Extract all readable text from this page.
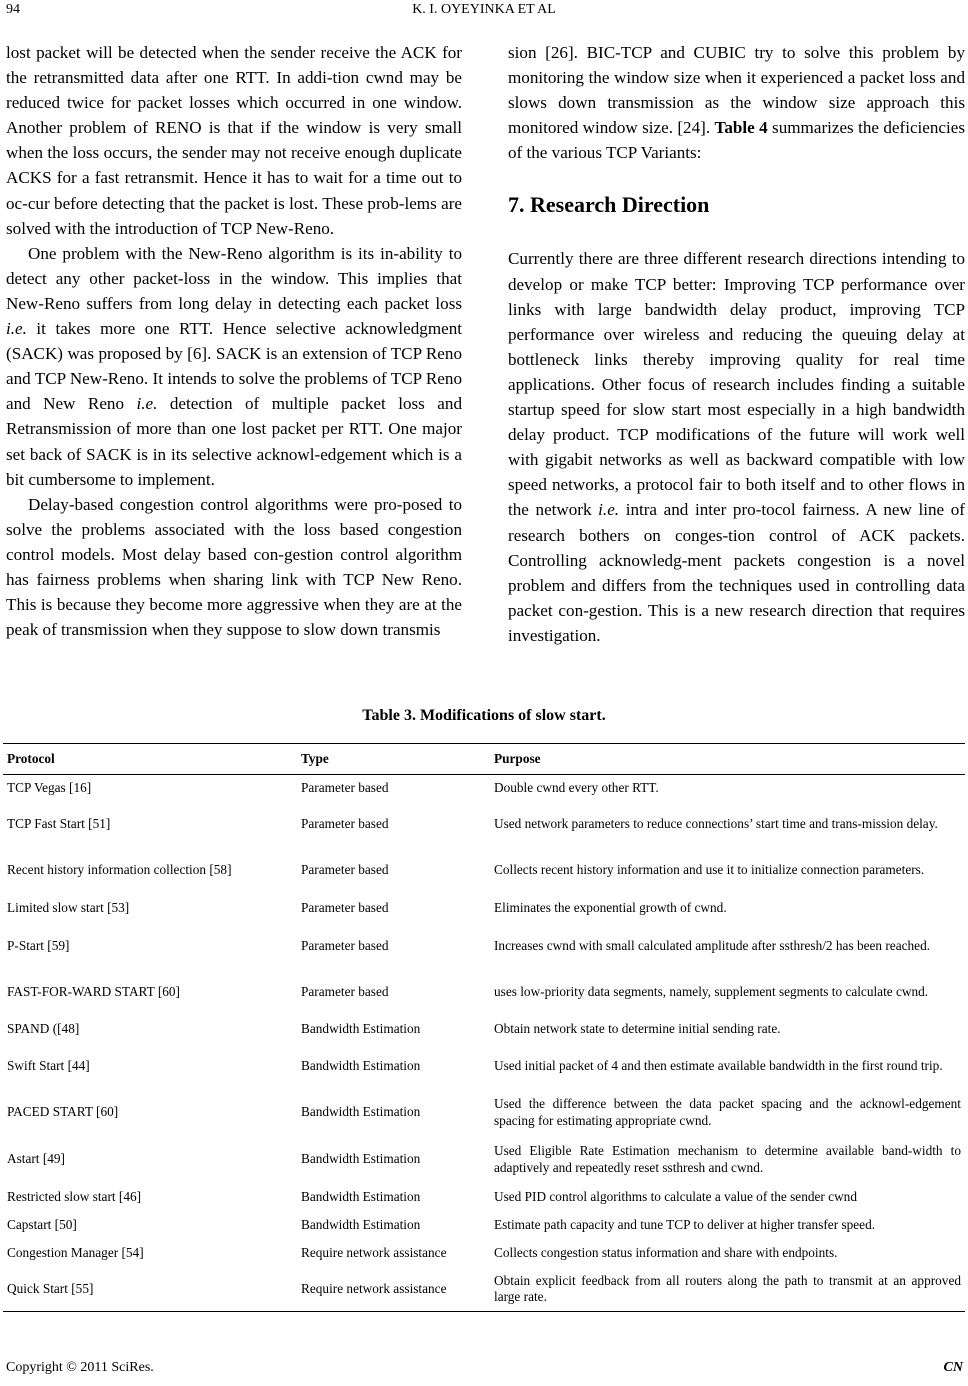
94	K. I. OYEYINKA ET AL

lost packet will be detected when the sender receive the ACK for the retransmitted data after one RTT. In addi-tion cwnd may be reduced twice for packet losses which occurred in one window. Another problem of RENO is that if the window is very small when the loss occurs, the sender may not receive enough duplicate ACKS for a fast retransmit. Hence it has to wait for a time out to oc-cur before detecting that the packet is lost. These prob-lems are solved with the introduction of TCP New-Reno.

One problem with the New-Reno algorithm is its in-ability to detect any other packet-loss in the window. This implies that New-Reno suffers from long delay in detecting each packet loss i.e. it takes more one RTT. Hence selective acknowledgment (SACK) was proposed by [6]. SACK is an extension of TCP Reno and TCP New-Reno. It intends to solve the problems of TCP Reno and New Reno i.e. detection of multiple packet loss and Retransmission of more than one lost packet per RTT. One major set back of SACK is in its selective acknowl-edgement which is a bit cumbersome to implement.

Delay-based congestion control algorithms were pro-posed to solve the problems associated with the loss based congestion control models. Most delay based con-gestion control algorithm has fairness problems when sharing link with TCP New Reno. This is because they become more aggressive when they are at the peak of transmission when they suppose to slow down transmis

sion [26]. BIC-TCP and CUBIC try to solve this problem by monitoring the window size when it experienced a packet loss and slows down transmission as the window size approach this monitored window size. [24]. Table 4 summarizes the deficiencies of the various TCP Variants:

7. Research Direction

Currently there are three different research directions intending to develop or make TCP better: Improving TCP performance over links with large bandwidth delay product, improving TCP performance over wireless and reducing the queuing delay at bottleneck links thereby improving quality for real time applications. Other focus of research includes finding a suitable startup speed for slow start most especially in a high bandwidth delay product. TCP modifications of the future will work well with gigabit networks as well as backward compatible with low speed networks, a protocol fair to both itself and to other flows in the network i.e. intra and inter pro-tocol fairness. A new line of research bothers on conges-tion control of ACK packets. Controlling acknowledg-ment packets congestion is a novel problem and differs from the techniques used in controlling data packet con-gestion. This is a new research direction that requires investigation.

Table 3. Modifications of slow start.
Protocol	Type	Purpose
TCP Vegas [16]	Parameter based	Double cwnd every other RTT.
TCP Fast Start [51]	Parameter based	Used network parameters to reduce connections’ start time and trans-mission delay.
Recent history information collection [58]	Parameter based	Collects recent history information and use it to initialize connection parameters.
Limited slow start [53]	Parameter based	Eliminates the exponential growth of cwnd.
P-Start [59]	Parameter based	Increases cwnd with small calculated amplitude after ssthresh/2 has been reached.
FAST-FOR-WARD START [60]	Parameter based	uses low-priority data segments, namely, supplement segments to calculate cwnd.
SPAND ([48]	Bandwidth Estimation	Obtain network state to determine initial sending rate.
Swift Start [44]	Bandwidth Estimation	Used initial packet of 4 and then estimate available bandwidth in the first round trip.
PACED START [60]	Bandwidth Estimation	Used the difference between the data packet spacing and the acknowl-edgement spacing for estimating appropriate cwnd.
Astart [49]	Bandwidth Estimation	Used Eligible Rate Estimation mechanism to determine available band-width to adaptively and repeatedly reset ssthresh and cwnd.
Restricted slow start [46]	Bandwidth Estimation	Used PID control algorithms to calculate a value of the sender cwnd
Capstart [50]	Bandwidth Estimation	Estimate path capacity and tune TCP to deliver at higher transfer speed.
Congestion Manager [54]	Require network assistance	Collects congestion status information and share with endpoints.
Quick Start [55]	Require network assistance	Obtain explicit feedback from all routers along the path to transmit at an approved large rate.
Copyright © 2011 SciRes.	CN
